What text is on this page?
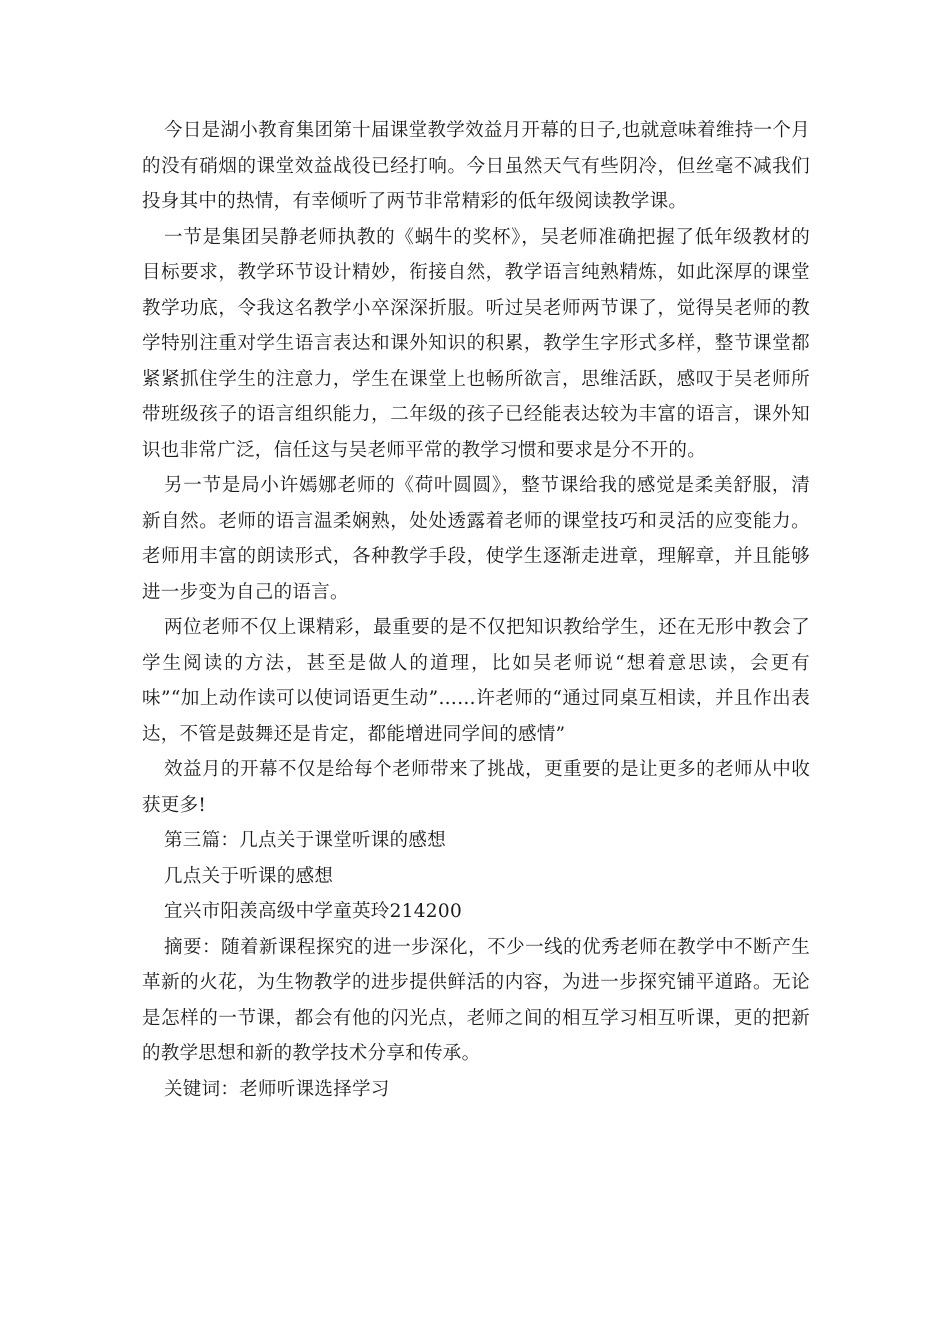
今日是湖小教育集团第十届课堂教学效益月开幕的日子,也就意味着维持一个月的没有硝烟的课堂效益战役已经打响。今日虽然天气有些阴冷，但丝毫不减我们投身其中的热情，有幸倾听了两节非常精彩的低年级阅读教学课。

一节是集团吴静老师执教的《蜗牛的奖杯》，吴老师准确把握了低年级教材的目标要求，教学环节设计精妙，衔接自然，教学语言纯熟精炼，如此深厚的课堂教学功底，令我这名教学小卒深深折服。听过吴老师两节课了，觉得吴老师的教学特别注重对学生语言表达和课外知识的积累，教学生字形式多样，整节课堂都紧紧抓住学生的注意力，学生在课堂上也畅所欲言，思维活跃，感叹于吴老师所带班级孩子的语言组织能力，二年级的孩子已经能表达较为丰富的语言，课外知识也非常广泛，信任这与吴老师平常的教学习惯和要求是分不开的。

另一节是局小许嫣娜老师的《荷叶圆圆》，整节课给我的感觉是柔美舒服，清新自然。老师的语言温柔娴熟，处处透露着老师的课堂技巧和灵活的应变能力。老师用丰富的朗读形式，各种教学手段，使学生逐渐走进章，理解章，并且能够进一步变为自己的语言。

两位老师不仅上课精彩，最重要的是不仅把知识教给学生，还在无形中教会了学生阅读的方法，甚至是做人的道理，比如吴老师说“想着意思读，会更有味”“加上动作读可以使词语更生动”……许老师的“通过同桌互相读，并且作出表达，不管是鼓舞还是肯定，都能增进同学间的感情”

效益月的开幕不仅是给每个老师带来了挑战，更重要的是让更多的老师从中收获更多!

第三篇：几点关于课堂听课的感想

几点关于听课的感想

宜兴市阳羡高级中学童英玲214200

摘要：随着新课程探究的进一步深化，不少一线的优秀老师在教学中不断产生革新的火花，为生物教学的进步提供鲜活的内容，为进一步探究铺平道路。无论是怎样的一节课，都会有他的闪光点，老师之间的相互学习相互听课，更的把新的教学思想和新的教学技术分享和传承。

关键词：老师听课选择学习
